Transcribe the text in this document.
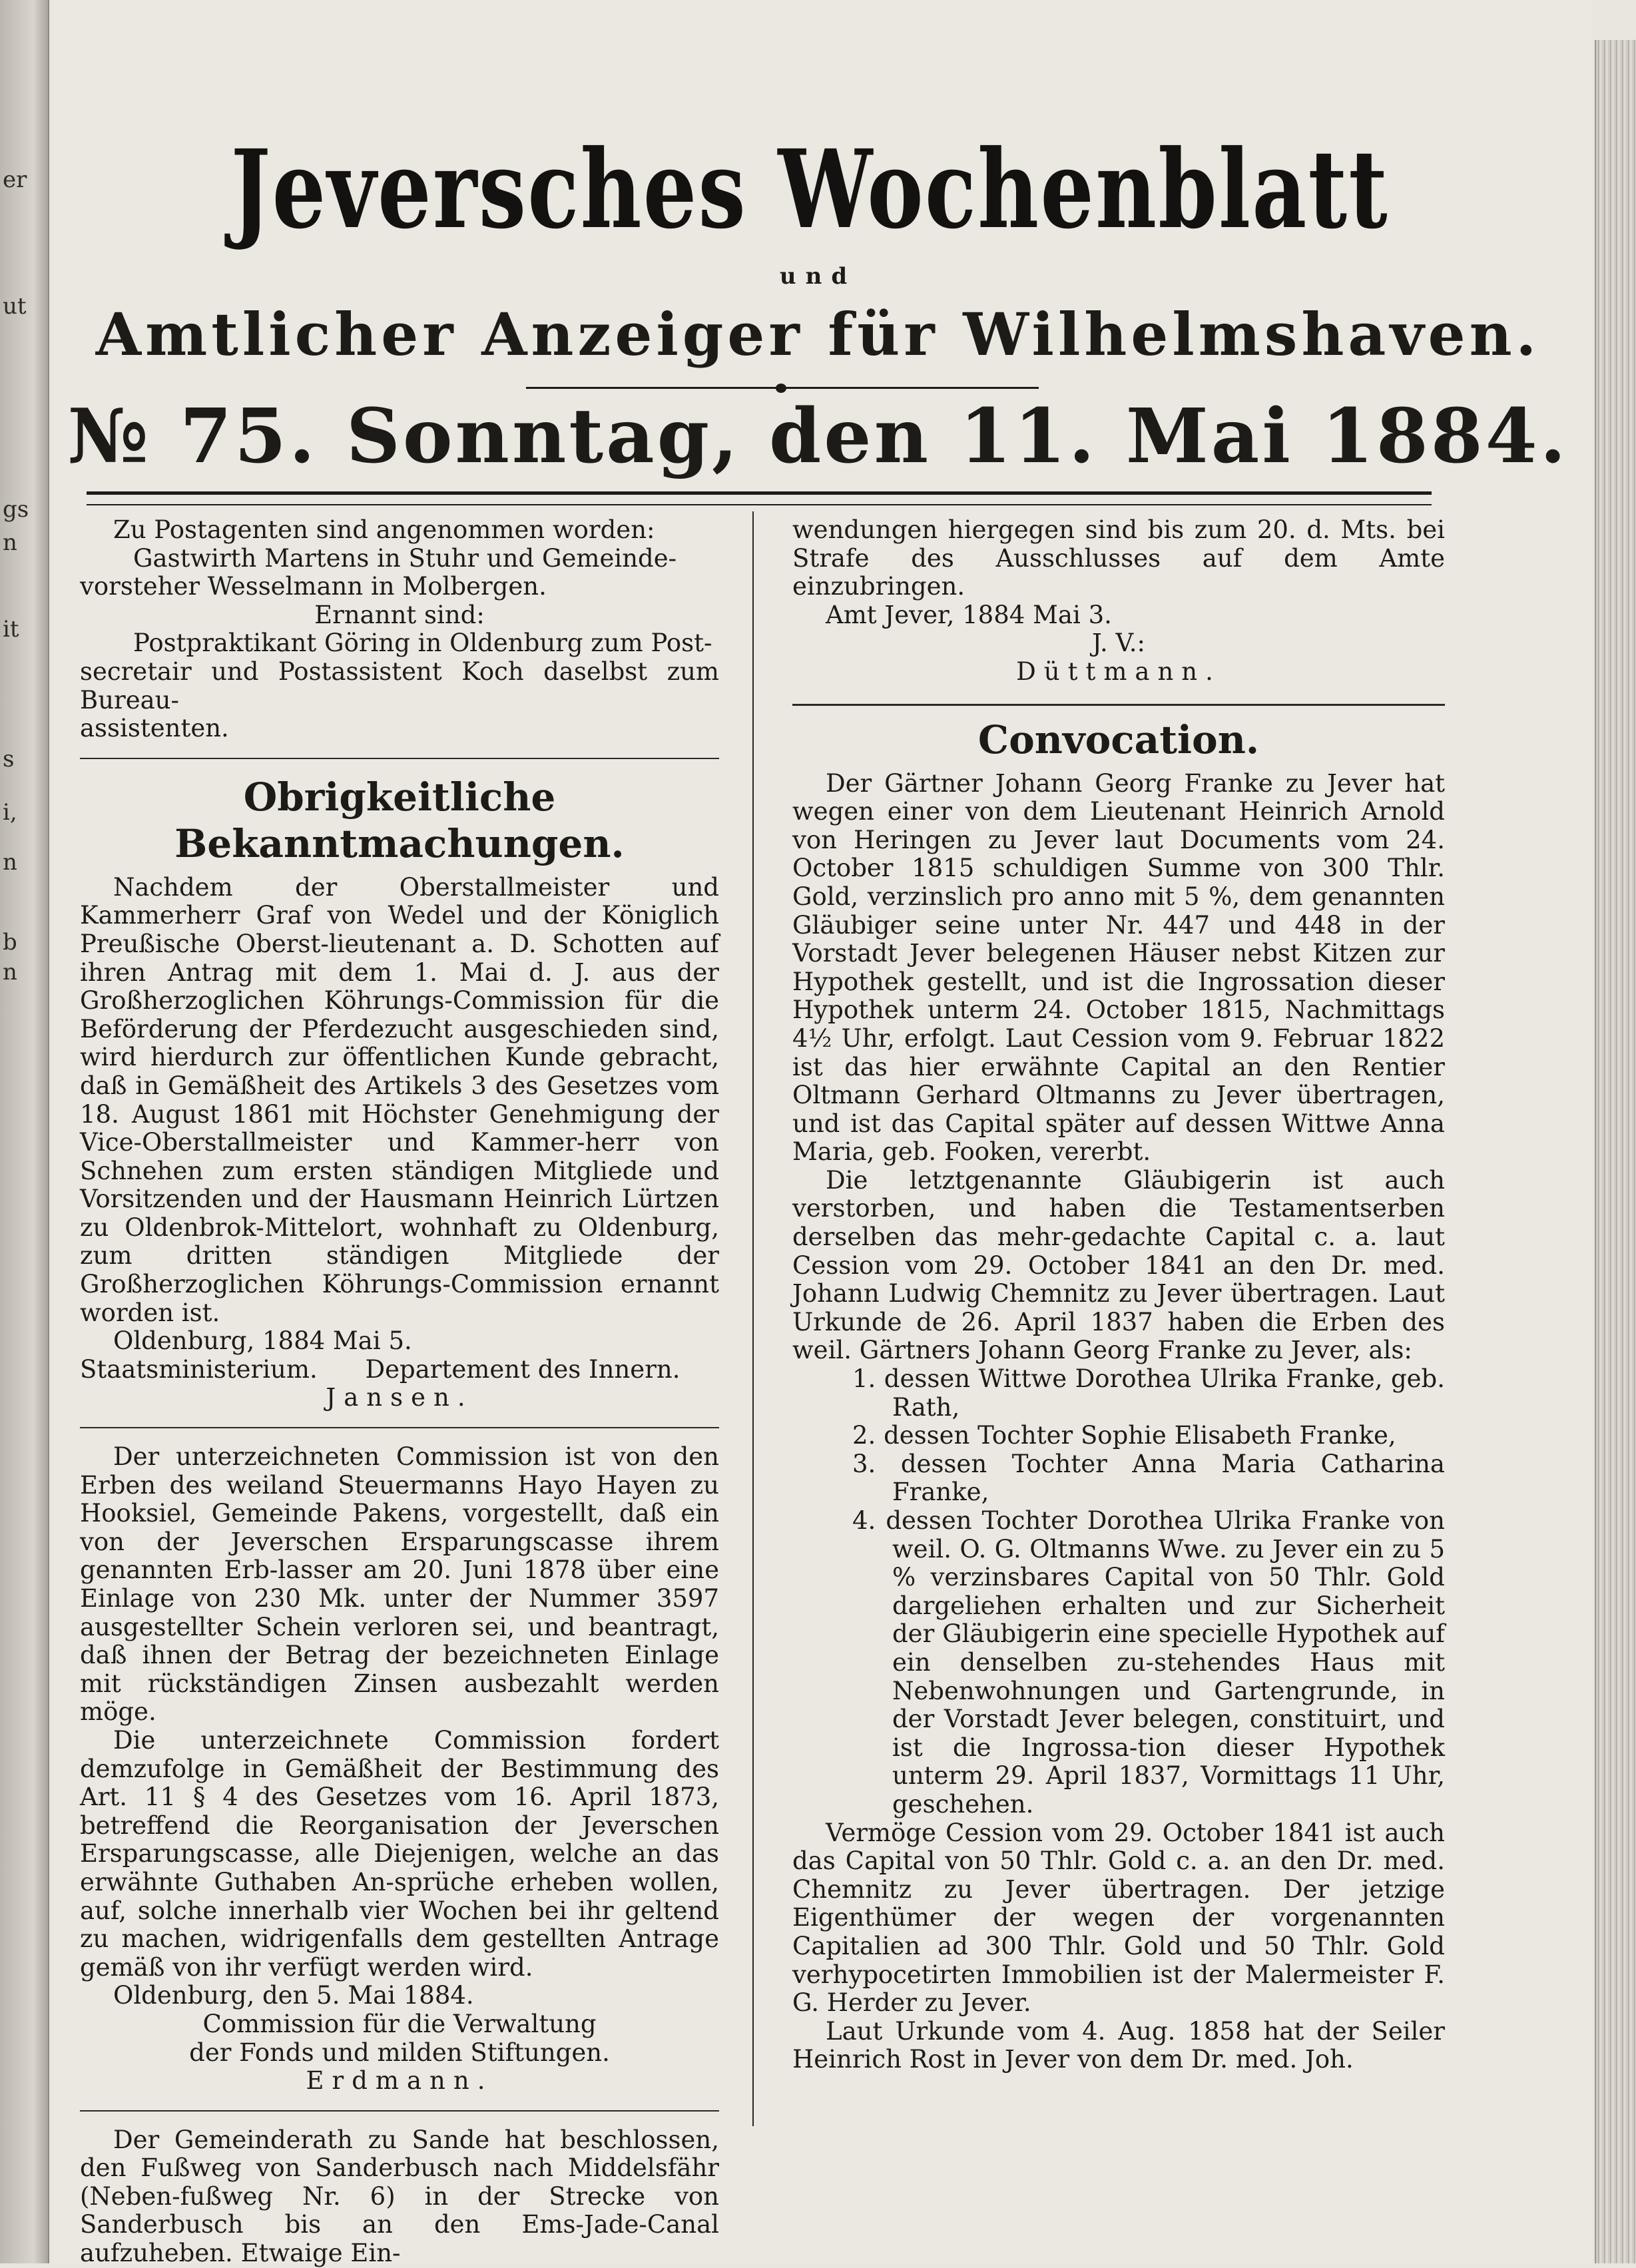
er
ut
gs
n
it
s
i,
n
b
n
Jeversches Wochenblatt
und
Amtlicher Anzeiger für Wilhelmshaven.
№ 75. Sonntag, den 11. Mai 1884.

Zu Postagenten sind angenommen worden:

Gastwirth Martens in Stuhr und Gemeinde-

vorsteher Wesselmann in Molbergen.

Ernannt sind:

Postpraktikant Göring in Oldenburg zum Post-

secretair und Postassistent Koch daselbst zum Bureau-

assistenten.

Obrigkeitliche Bekanntmachungen.

Nachdem der Oberstallmeister und Kammerherr Graf von Wedel und der Königlich Preußische Oberst-lieutenant a. D. Schotten auf ihren Antrag mit dem 1. Mai d. J. aus der Großherzoglichen Köhrungs-Commission für die Beförderung der Pferdezucht ausgeschieden sind, wird hierdurch zur öffentlichen Kunde gebracht, daß in Gemäßheit des Artikels 3 des Gesetzes vom 18. August 1861 mit Höchster Genehmigung der Vice-Oberstallmeister und Kammer-herr von Schnehen zum ersten ständigen Mitgliede und Vorsitzenden und der Hausmann Heinrich Lürtzen zu Oldenbrok-Mittelort, wohnhaft zu Oldenburg, zum dritten ständigen Mitgliede der Großherzoglichen Köhrungs-Commission ernannt worden ist.

Oldenburg, 1884 Mai 5.

Staatsministerium. Departement des Innern.

Jansen.

Der unterzeichneten Commission ist von den Erben des weiland Steuermanns Hayo Hayen zu Hooksiel, Gemeinde Pakens, vorgestellt, daß ein von der Jeverschen Ersparungscasse ihrem genannten Erb-lasser am 20. Juni 1878 über eine Einlage von 230 Mk. unter der Nummer 3597 ausgestellter Schein verloren sei, und beantragt, daß ihnen der Betrag der bezeichneten Einlage mit rückständigen Zinsen ausbezahlt werden möge.

Die unterzeichnete Commission fordert demzufolge in Gemäßheit der Bestimmung des Art. 11 § 4 des Gesetzes vom 16. April 1873, betreffend die Reorganisation der Jeverschen Ersparungscasse, alle Diejenigen, welche an das erwähnte Guthaben An-sprüche erheben wollen, auf, solche innerhalb vier Wochen bei ihr geltend zu machen, widrigenfalls dem gestellten Antrage gemäß von ihr verfügt werden wird.

Oldenburg, den 5. Mai 1884.

Commission für die Verwaltung

der Fonds und milden Stiftungen.

Erdmann.

Der Gemeinderath zu Sande hat beschlossen, den Fußweg von Sanderbusch nach Middelsfähr (Neben-fußweg Nr. 6) in der Strecke von Sanderbusch bis an den Ems-Jade-Canal aufzuheben. Etwaige Ein-

wendungen hiergegen sind bis zum 20. d. Mts. bei Strafe des Ausschlusses auf dem Amte einzubringen.

Amt Jever, 1884 Mai 3.

J. V.:

Düttmann.

Convocation.

Der Gärtner Johann Georg Franke zu Jever hat wegen einer von dem Lieutenant Heinrich Arnold von Heringen zu Jever laut Documents vom 24. October 1815 schuldigen Summe von 300 Thlr. Gold, verzinslich pro anno mit 5 %, dem genannten Gläubiger seine unter Nr. 447 und 448 in der Vorstadt Jever belegenen Häuser nebst Kitzen zur Hypothek gestellt, und ist die Ingrossation dieser Hypothek unterm 24. October 1815, Nachmittags 4½ Uhr, erfolgt. Laut Cession vom 9. Februar 1822 ist das hier erwähnte Capital an den Rentier Oltmann Gerhard Oltmanns zu Jever übertragen, und ist das Capital später auf dessen Wittwe Anna Maria, geb. Fooken, vererbt.

Die letztgenannte Gläubigerin ist auch verstorben, und haben die Testamentserben derselben das mehr-gedachte Capital c. a. laut Cession vom 29. October 1841 an den Dr. med. Johann Ludwig Chemnitz zu Jever übertragen. Laut Urkunde de 26. April 1837 haben die Erben des weil. Gärtners Johann Georg Franke zu Jever, als:

1. dessen Wittwe Dorothea Ulrika Franke, geb. Rath,
2. dessen Tochter Sophie Elisabeth Franke,
3. dessen Tochter Anna Maria Catharina Franke,
4. dessen Tochter Dorothea Ulrika Franke von weil. O. G. Oltmanns Wwe. zu Jever ein zu 5 % verzinsbares Capital von 50 Thlr. Gold dargeliehen erhalten und zur Sicherheit der Gläubigerin eine specielle Hypothek auf ein denselben zu-stehendes Haus mit Nebenwohnungen und Gartengrunde, in der Vorstadt Jever belegen, constituirt, und ist die Ingrossa-tion dieser Hypothek unterm 29. April 1837, Vormittags 11 Uhr, geschehen.

Vermöge Cession vom 29. October 1841 ist auch das Capital von 50 Thlr. Gold c. a. an den Dr. med. Chemnitz zu Jever übertragen. Der jetzige Eigenthümer der wegen der vorgenannten Capitalien ad 300 Thlr. Gold und 50 Thlr. Gold verhypocetirten Immobilien ist der Malermeister F. G. Herder zu Jever.

Laut Urkunde vom 4. Aug. 1858 hat der Seiler Heinrich Rost in Jever von dem Dr. med. Joh.
